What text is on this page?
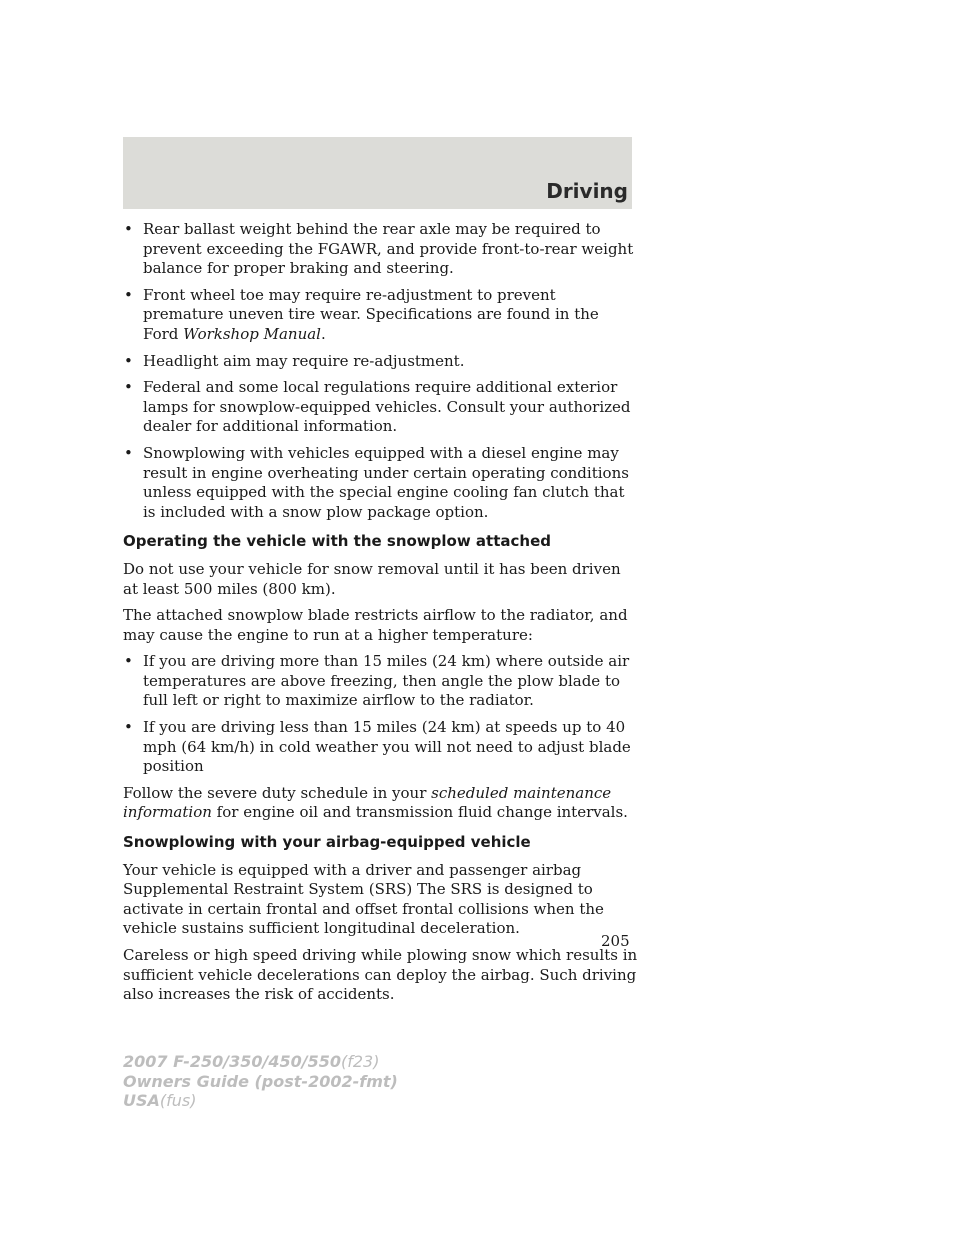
Driving
• Rear ballast weight behind the rear axle may be required to prevent exceeding the FGAWR, and provide front-to-rear weight balance for proper braking and steering.
• Front wheel toe may require re-adjustment to prevent premature uneven tire wear. Specifications are found in the Ford Workshop Manual.
• Headlight aim may require re-adjustment.
• Federal and some local regulations require additional exterior lamps for snowplow-equipped vehicles. Consult your authorized dealer for additional information.
• Snowplowing with vehicles equipped with a diesel engine may result in engine overheating under certain operating conditions unless equipped with the special engine cooling fan clutch that is included with a snow plow package option.
Operating the vehicle with the snowplow attached

Do not use your vehicle for snow removal until it has been driven at least 500 miles (800 km).

The attached snowplow blade restricts airflow to the radiator, and may cause the engine to run at a higher temperature:

• If you are driving more than 15 miles (24 km) where outside air temperatures are above freezing, then angle the plow blade to full left or right to maximize airflow to the radiator.
• If you are driving less than 15 miles (24 km) at speeds up to 40 mph (64 km/h) in cold weather you will not need to adjust blade position

Follow the severe duty schedule in your scheduled maintenance information for engine oil and transmission fluid change intervals.

Snowplowing with your airbag-equipped vehicle

Your vehicle is equipped with a driver and passenger airbag Supplemental Restraint System (SRS) The SRS is designed to activate in certain frontal and offset frontal collisions when the vehicle sustains sufficient longitudinal deceleration.

Careless or high speed driving while plowing snow which results in sufficient vehicle decelerations can deploy the airbag. Such driving also increases the risk of accidents.

205
2007 F-250/350/450/550(f23)
Owners Guide (post-2002-fmt)
USA(fus)
